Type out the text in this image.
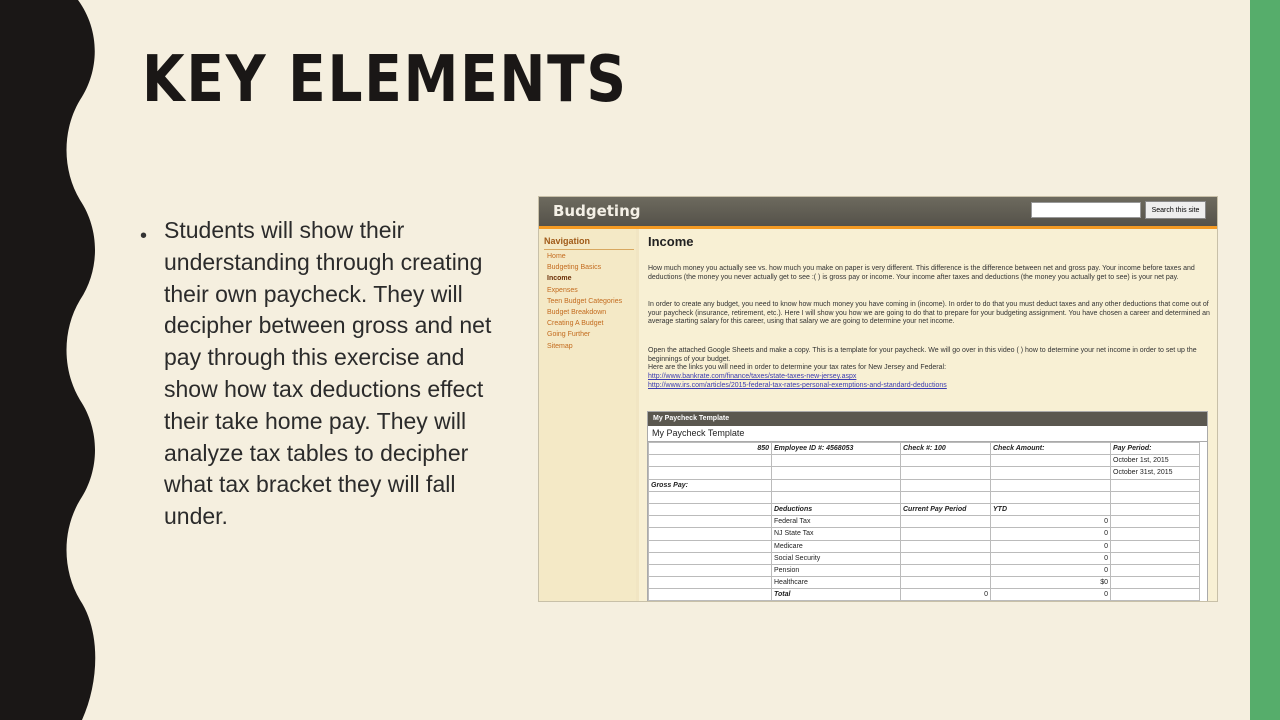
KEY ELEMENTS
• Students will show their understanding through creating their own paycheck. They will decipher between gross and net pay through this exercise and show how tax deductions effect their take home pay. They will analyze tax tables to decipher what tax bracket they will fall under.

Budgeting	Search this site
Navigation
Home
Budgeting Basics
Income
Expenses
Teen Budget Categories
Budget Breakdown
Creating A Budget
Going Further
Sitemap
Income

How much money you actually see vs. how much you make on paper is very different. This difference is the difference between net and gross pay. Your income before taxes and deductions (the money you never actually get to see :( ) is gross pay or income. Your income after taxes and deductions (the money you actually get to see) is your net pay.

In order to create any budget, you need to know how much money you have coming in (income). In order to do that you must deduct taxes and any other deductions that come out of your paycheck (insurance, retirement, etc.). Here I will show you how we are going to do that to prepare for your budgeting assignment. You have chosen a career and determined an average starting salary for this career, using that salary we are going to determine your net income.

Open the attached Google Sheets and make a copy. This is a template for your paycheck. We will go over in this video ( ) how to determine your net income in order to set up the beginnings of your budget.

Here are the links you will need in order to determine your tax rates for New Jersey and Federal:

http://www.bankrate.com/finance/taxes/state-taxes-new-jersey.aspx
http://www.irs.com/articles/2015-federal-tax-rates-personal-exemptions-and-standard-deductions
My Paycheck Template
My Paycheck Template
850	Employee ID #: 4568053	Check #: 100	Check Amount:	Pay Period:
				October 1st, 2015
				October 31st, 2015
Gross Pay:				

	Deductions	Current Pay Period	YTD	
	Federal Tax		0	
	NJ State Tax		0	
	Medicare		0	
	Social Security		0	
	Pension		0	
	Healthcare		$0	
	Total	0	0	
